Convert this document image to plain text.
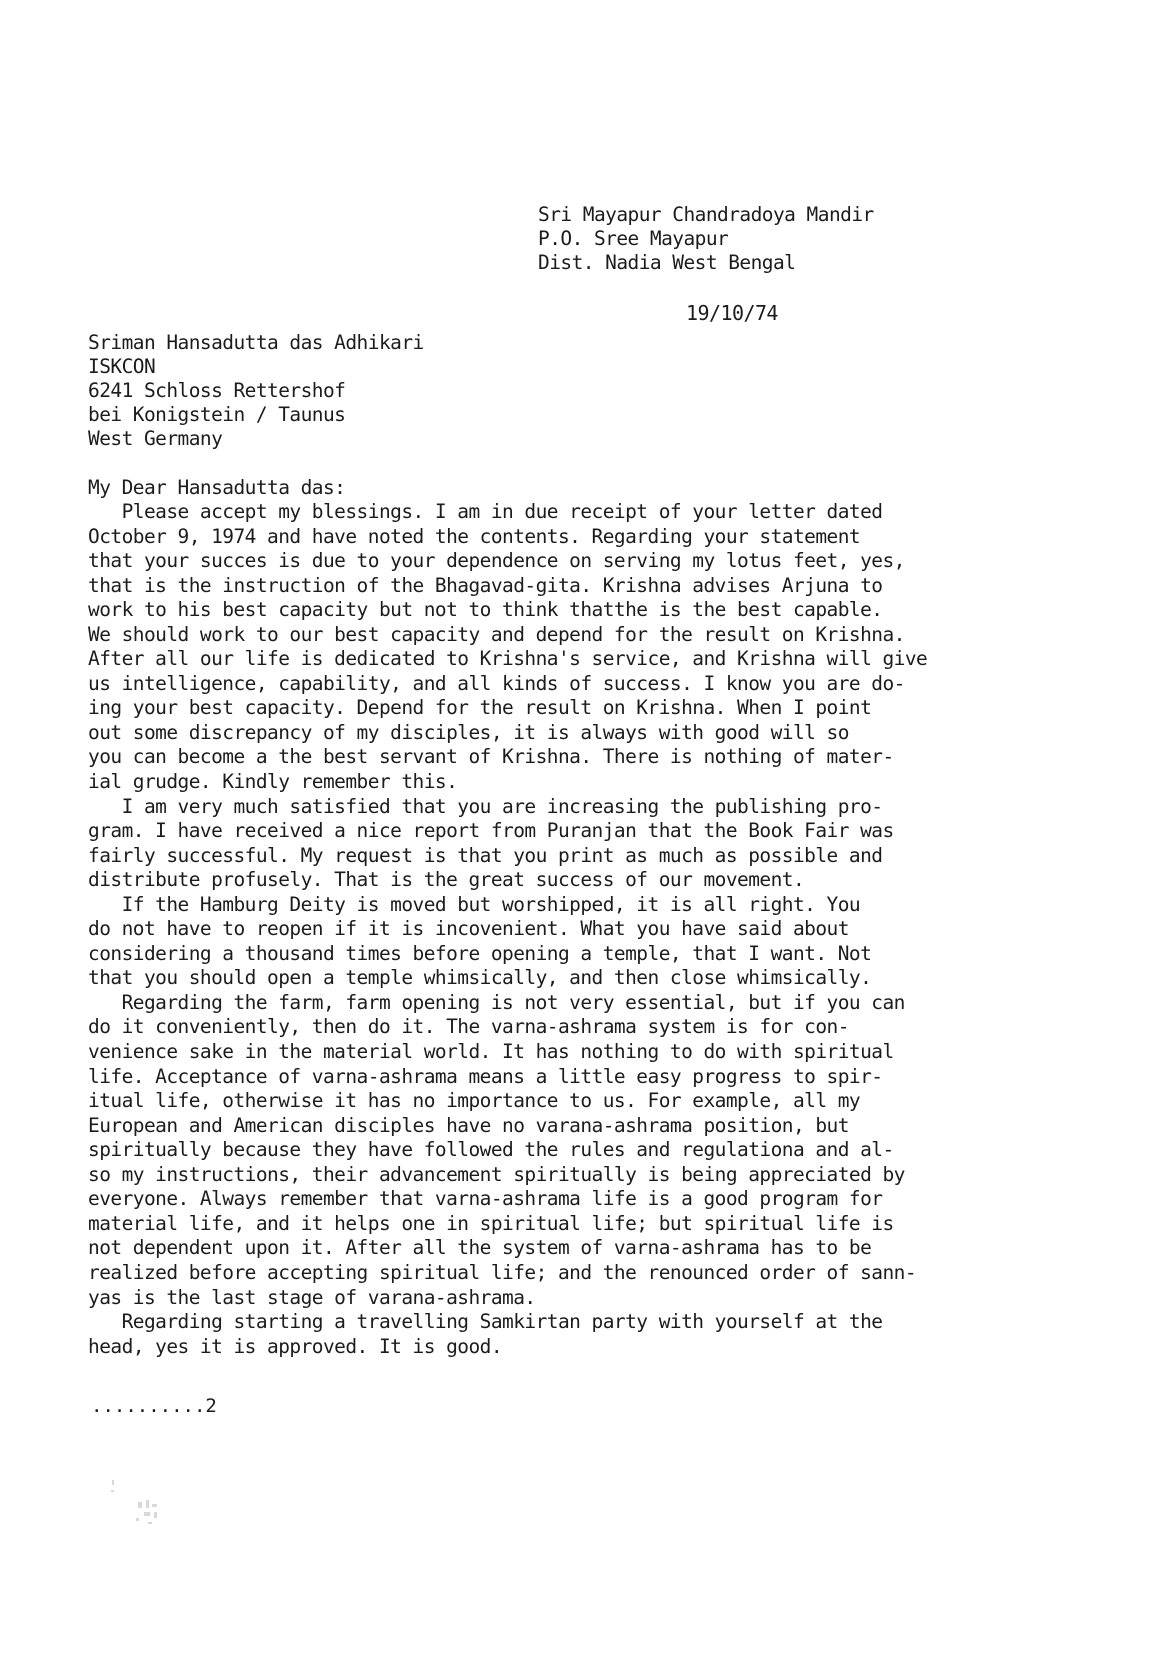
Sri Mayapur Chandradoya Mandir
P.O. Sree Mayapur
Dist. Nadia West Bengal
19/10/74
Sriman Hansadutta das Adhikari
ISKCON
6241 Schloss Rettershof
bei Konigstein / Taunus
West Germany
My Dear Hansadutta das:
Please accept my blessings. I am in due receipt of your letter dated
October 9, 1974 and have noted the contents. Regarding your statement
that your succes is due to your dependence on serving my lotus feet, yes,
that is the instruction of the Bhagavad-gita. Krishna advises Arjuna to
work to his best capacity but not to think thatthe is the best capable.
We should work to our best capacity and depend for the result on Krishna.
After all our life is dedicated to Krishna's service, and Krishna will give
us intelligence, capability, and all kinds of success. I know you are do-
ing your best capacity. Depend for the result on Krishna. When I point
out some discrepancy of my disciples, it is always with good will so
you can become a the best servant of Krishna. There is nothing of mater-
ial grudge. Kindly remember this.
I am very much satisfied that you are increasing the publishing pro-
gram. I have received a nice report from Puranjan that the Book Fair was
fairly successful. My request is that you print as much as possible and
distribute profusely. That is the great success of our movement.
If the Hamburg Deity is moved but worshipped, it is all right. You
do not have to reopen if it is incovenient. What you have said about
considering a thousand times before opening a temple, that I want. Not
that you should open a temple whimsically, and then close whimsically.
Regarding the farm, farm opening is not very essential, but if you can
do it conveniently, then do it. The varna-ashrama system is for con-
venience sake in the material world. It has nothing to do with spiritual
life. Acceptance of varna-ashrama means a little easy progress to spir-
itual life, otherwise it has no importance to us. For example, all my
European and American disciples have no varana-ashrama position, but
spiritually because they have followed the rules and regulationa and al-
so my instructions, their advancement spiritually is being appreciated by
everyone. Always remember that varna-ashrama life is a good program for
material life, and it helps one in spiritual life; but spiritual life is
not dependent upon it. After all the system of varna-ashrama has to be
realized before accepting spiritual life; and the renounced order of sann-
yas is the last stage of varana-ashrama.
Regarding starting a travelling Samkirtan party with yourself at the
head, yes it is approved. It is good.
..........2
